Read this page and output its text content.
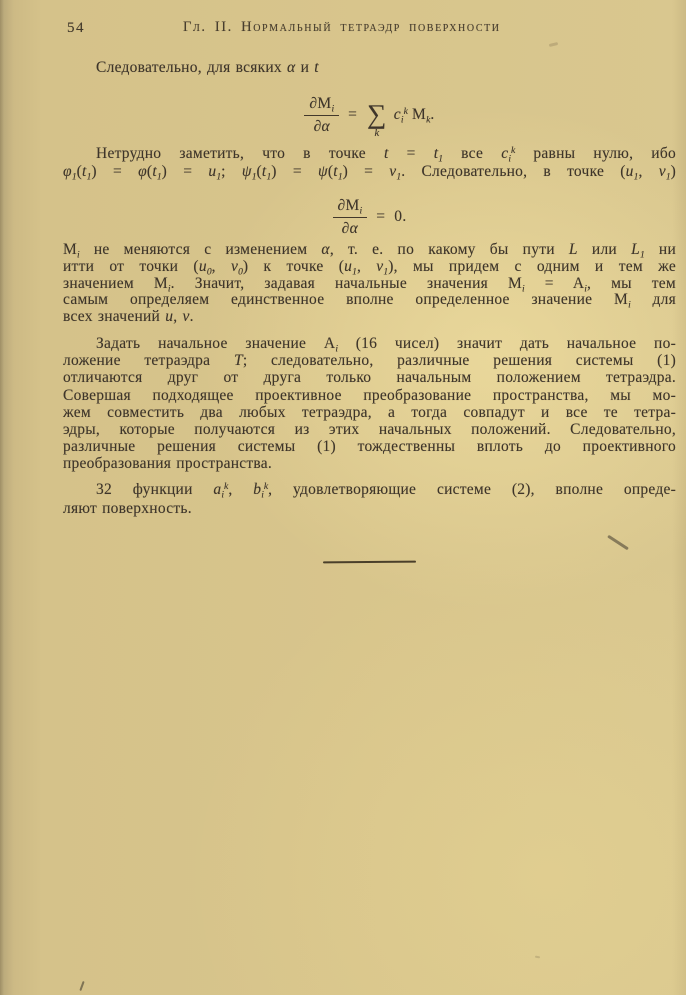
54	Гл. II. Нормальный тетраэдр поверхности
Следовательно, для всяких α и t
$\frac{\partial M_i}{\partial\alpha}$ = ∑
k
$c_i^k$ $M_k$.
Нетрудно заметить, что в точке $t = t_1$ все $c_i^k$ равны нулю, ибо
$\varphi_1(t_1) = \varphi(t_1) = u_1$; $\psi_1(t_1) = \psi(t_1) = v_1$. Следовательно, в точке ($u_1$, $v_1$)
$\frac{\partial M_i}{\partial\alpha} = 0$.
$M_i$ не меняются с изменением α, т. е. по какому бы пути L или $L_1$ ни
итти от точки ($u_0$, $v_0$) к точке ($u_1$, $v_1$), мы придем с одним и тем же
значением $M_i$. Значит, задавая начальные значения $M_i = A_i$, мы тем
самым определяем единственное вполне определенное значение $M_i$ для
всех значений u, v.
Задать начальное значение $A_i$ (16 чисел) значит дать начальное по-
ложение тетраэдра T; следовательно, различные решения системы (1)
отличаются друг от друга только начальным положением тетраэдра.
Совершая подходящее проективное преобразование пространства, мы мо-
жем совместить два любых тетраэдра, а тогда совпадут и все те тетра-
эдры, которые получаются из этих начальных положений. Следовательно,
различные решения системы (1) тождественны вплоть до проективного
преобразования пространства.
32 функции $a_i^k$, $b_i^k$, удовлетворяющие системе (2), вполне опреде-
ляют поверхность.
